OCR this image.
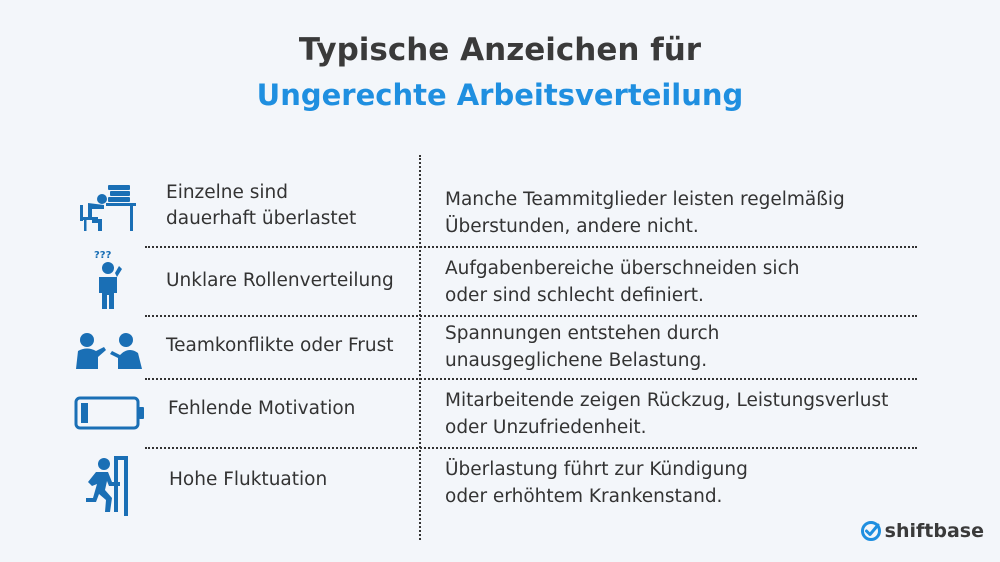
Typische Anzeichen für
Ungerechte Arbeitsverteilung
Einzelne sind
dauerhaft überlastet
Manche Teammitglieder leisten regelmäßig
Überstunden, andere nicht.
???
Unklare Rollenverteilung
Aufgabenbereiche überschneiden sich
oder sind schlecht definiert.
Teamkonflikte oder Frust
Spannungen entstehen durch
unausgeglichene Belastung.
Fehlende Motivation	Mitarbeitende zeigen Rückzug, Leistungsverlust
oder Unzufriedenheit.
Hohe Fluktuation	Überlastung führt zur Kündigung
oder erhöhtem Krankenstand.
shiftbase
